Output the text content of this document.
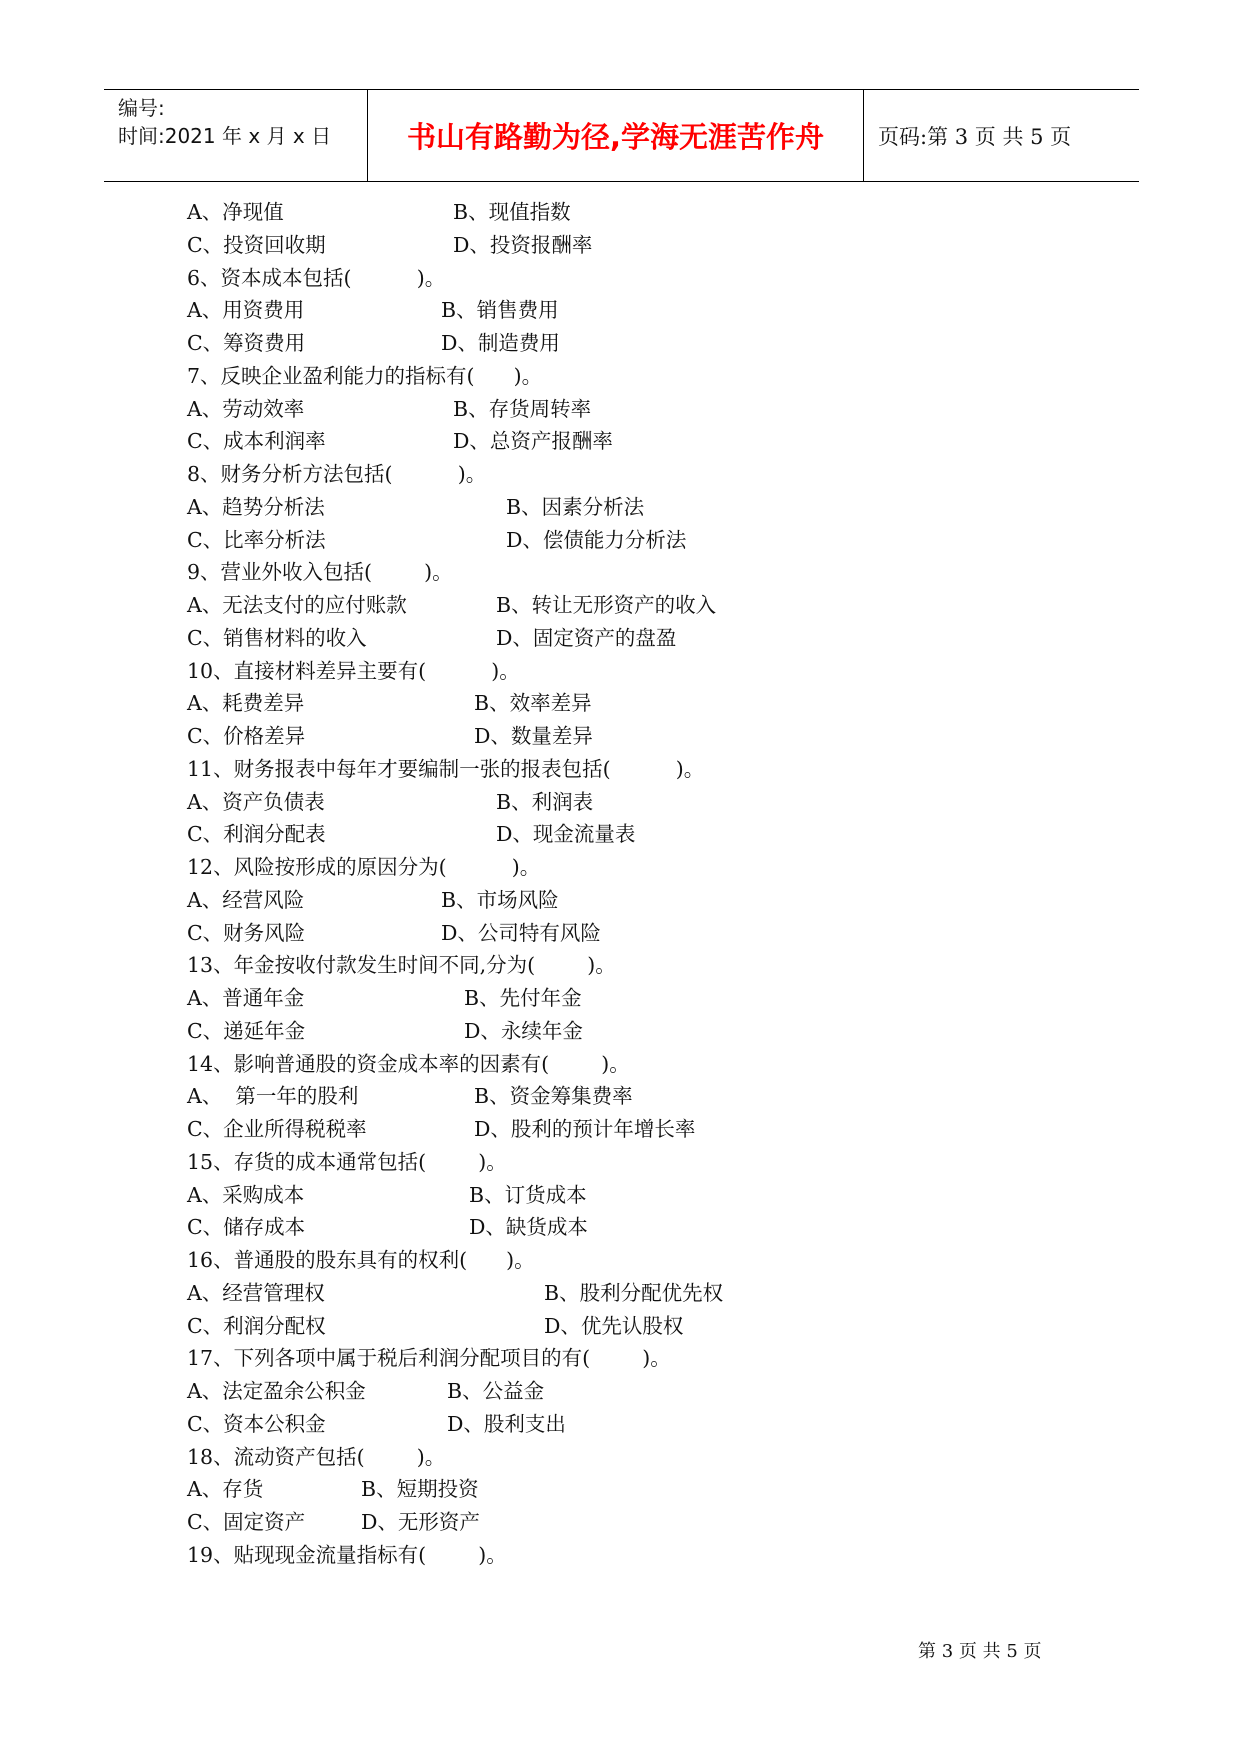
编号:
时间:2021 年 x 月 x 日	书山有路勤为径,学海无涯苦作舟	页码:第 3 页 共 5 页
A、净现值	B、现值指数
C、投资回收期	D、投资报酬率
6、资本成本包括(          )。
A、用资费用	B、销售费用
C、筹资费用	D、制造费用
7、反映企业盈利能力的指标有(      )。
A、劳动效率	B、存货周转率
C、成本利润率	D、总资产报酬率
8、财务分析方法包括(          )。
A、趋势分析法	B、因素分析法
C、比率分析法	D、偿债能力分析法
9、营业外收入包括(        )。
A、无法支付的应付账款	B、转让无形资产的收入
C、销售材料的收入	D、固定资产的盘盈
10、直接材料差异主要有(          )。
A、耗费差异	B、效率差异
C、价格差异	D、数量差异
11、财务报表中每年才要编制一张的报表包括(          )。
A、资产负债表	B、利润表
C、利润分配表	D、现金流量表
12、风险按形成的原因分为(          )。
A、经营风险	B、市场风险
C、财务风险	D、公司特有风险
13、年金按收付款发生时间不同,分为(        )。
A、普通年金	B、先付年金
C、递延年金	D、永续年金
14、影响普通股的资金成本率的因素有(        )。
A、  第一年的股利	B、资金筹集费率
C、企业所得税税率	D、股利的预计年增长率
15、存货的成本通常包括(        )。
A、采购成本	B、订货成本
C、储存成本	D、缺货成本
16、普通股的股东具有的权利(      )。
A、经营管理权	B、股利分配优先权
C、利润分配权	D、优先认股权
17、下列各项中属于税后利润分配项目的有(        )。
A、法定盈余公积金	B、公益金
C、资本公积金	D、股利支出
18、流动资产包括(        )。
A、存货	B、短期投资
C、固定资产	D、无形资产
19、贴现现金流量指标有(        )。
第 3 页 共 5 页
